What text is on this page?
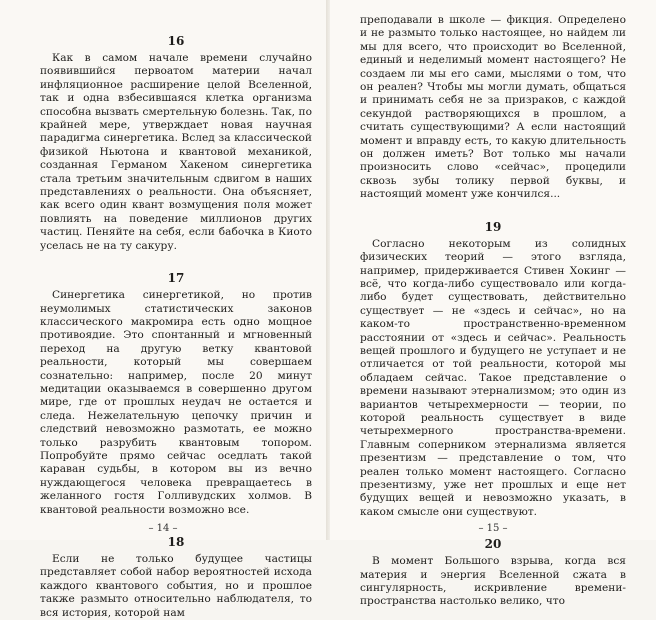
16

Как в самом начале времени случайно появившийся первоатом материи начал инфляционное расширение целой Вселенной, так и одна взбесившаяся клетка организма способна вызвать смертельную болезнь. Так, по крайней мере, утверждает новая научная парадигма синергетика. Вслед за классической физикой Ньютона и квантовой механикой, созданная Германом Хакеном синергетика стала третьим значительным сдвигом в наших представлениях о реальности. Она объясняет, как всего один квант возмущения поля может повлиять на поведение миллионов других частиц. Пеняйте на себя, если бабочка в Киото уселась не на ту сакуру.

17

Синергетика синергетикой, но против неумолимых статистических законов классического макромира есть одно мощное противоядие. Это спонтанный и мгновенный переход на другую ветку квантовой реальности, который мы совершаем сознательно: например, после 20 минут медитации оказываемся в совершенно другом мире, где от прошлых неудач не остается и следа. Нежелательную цепочку причин и следствий невозможно размотать, ее можно только разрубить квантовым топором. Попробуйте прямо сейчас оседлать такой караван судьбы, в котором вы из вечно нуждающегося человека превращаетесь в желанного гостя Голливудских холмов. В квантовой реальности возможно все.

18

Если не только будущее частицы представляет собой набор вероятностей исхода каждого квантового события, но и прошлое также размыто относительно наблюдателя, то вся история, которой нам

– 14 –

преподавали в школе — фикция. Определено и не размыто только настоящее, но найдем ли мы для всего, что происходит во Вселенной, единый и неделимый момент настоящего? Не создаем ли мы его сами, мыслями о том, что он реален? Чтобы мы могли думать, общаться и принимать себя не за призраков, с каждой секундой растворяющихся в прошлом, а считать существующими? А если настоящий момент и вправду есть, то какую длительность он должен иметь? Вот только мы начали произносить слово «сейчас», процедили сквозь зубы толику первой буквы, и настоящий момент уже кончился...

19

Согласно некоторым из солидных физических теорий — этого взгляда, например, придерживается Стивен Хокинг — всё, что когда-либо существовало или когда-либо будет существовать, действительно существует — не «здесь и сейчас», но на каком-то пространственно-временном расстоянии от «здесь и сейчас». Реальность вещей прошлого и будущего не уступает и не отличается от той реальности, которой мы обладаем сейчас. Такое представление о времени называют этернализмом; это один из вариантов четырехмерности — теории, по которой реальность существует в виде четырехмерного пространства-времени. Главным соперником этернализма является презентизм — представление о том, что реален только момент настоящего. Согласно презентизму, уже нет прошлых и еще нет будущих вещей и невозможно указать, в каком смысле они существуют.

20

В момент Большого взрыва, когда вся материя и энергия Вселенной сжата в сингулярность, искривление времени-пространства настолько велико, что

– 15 –
